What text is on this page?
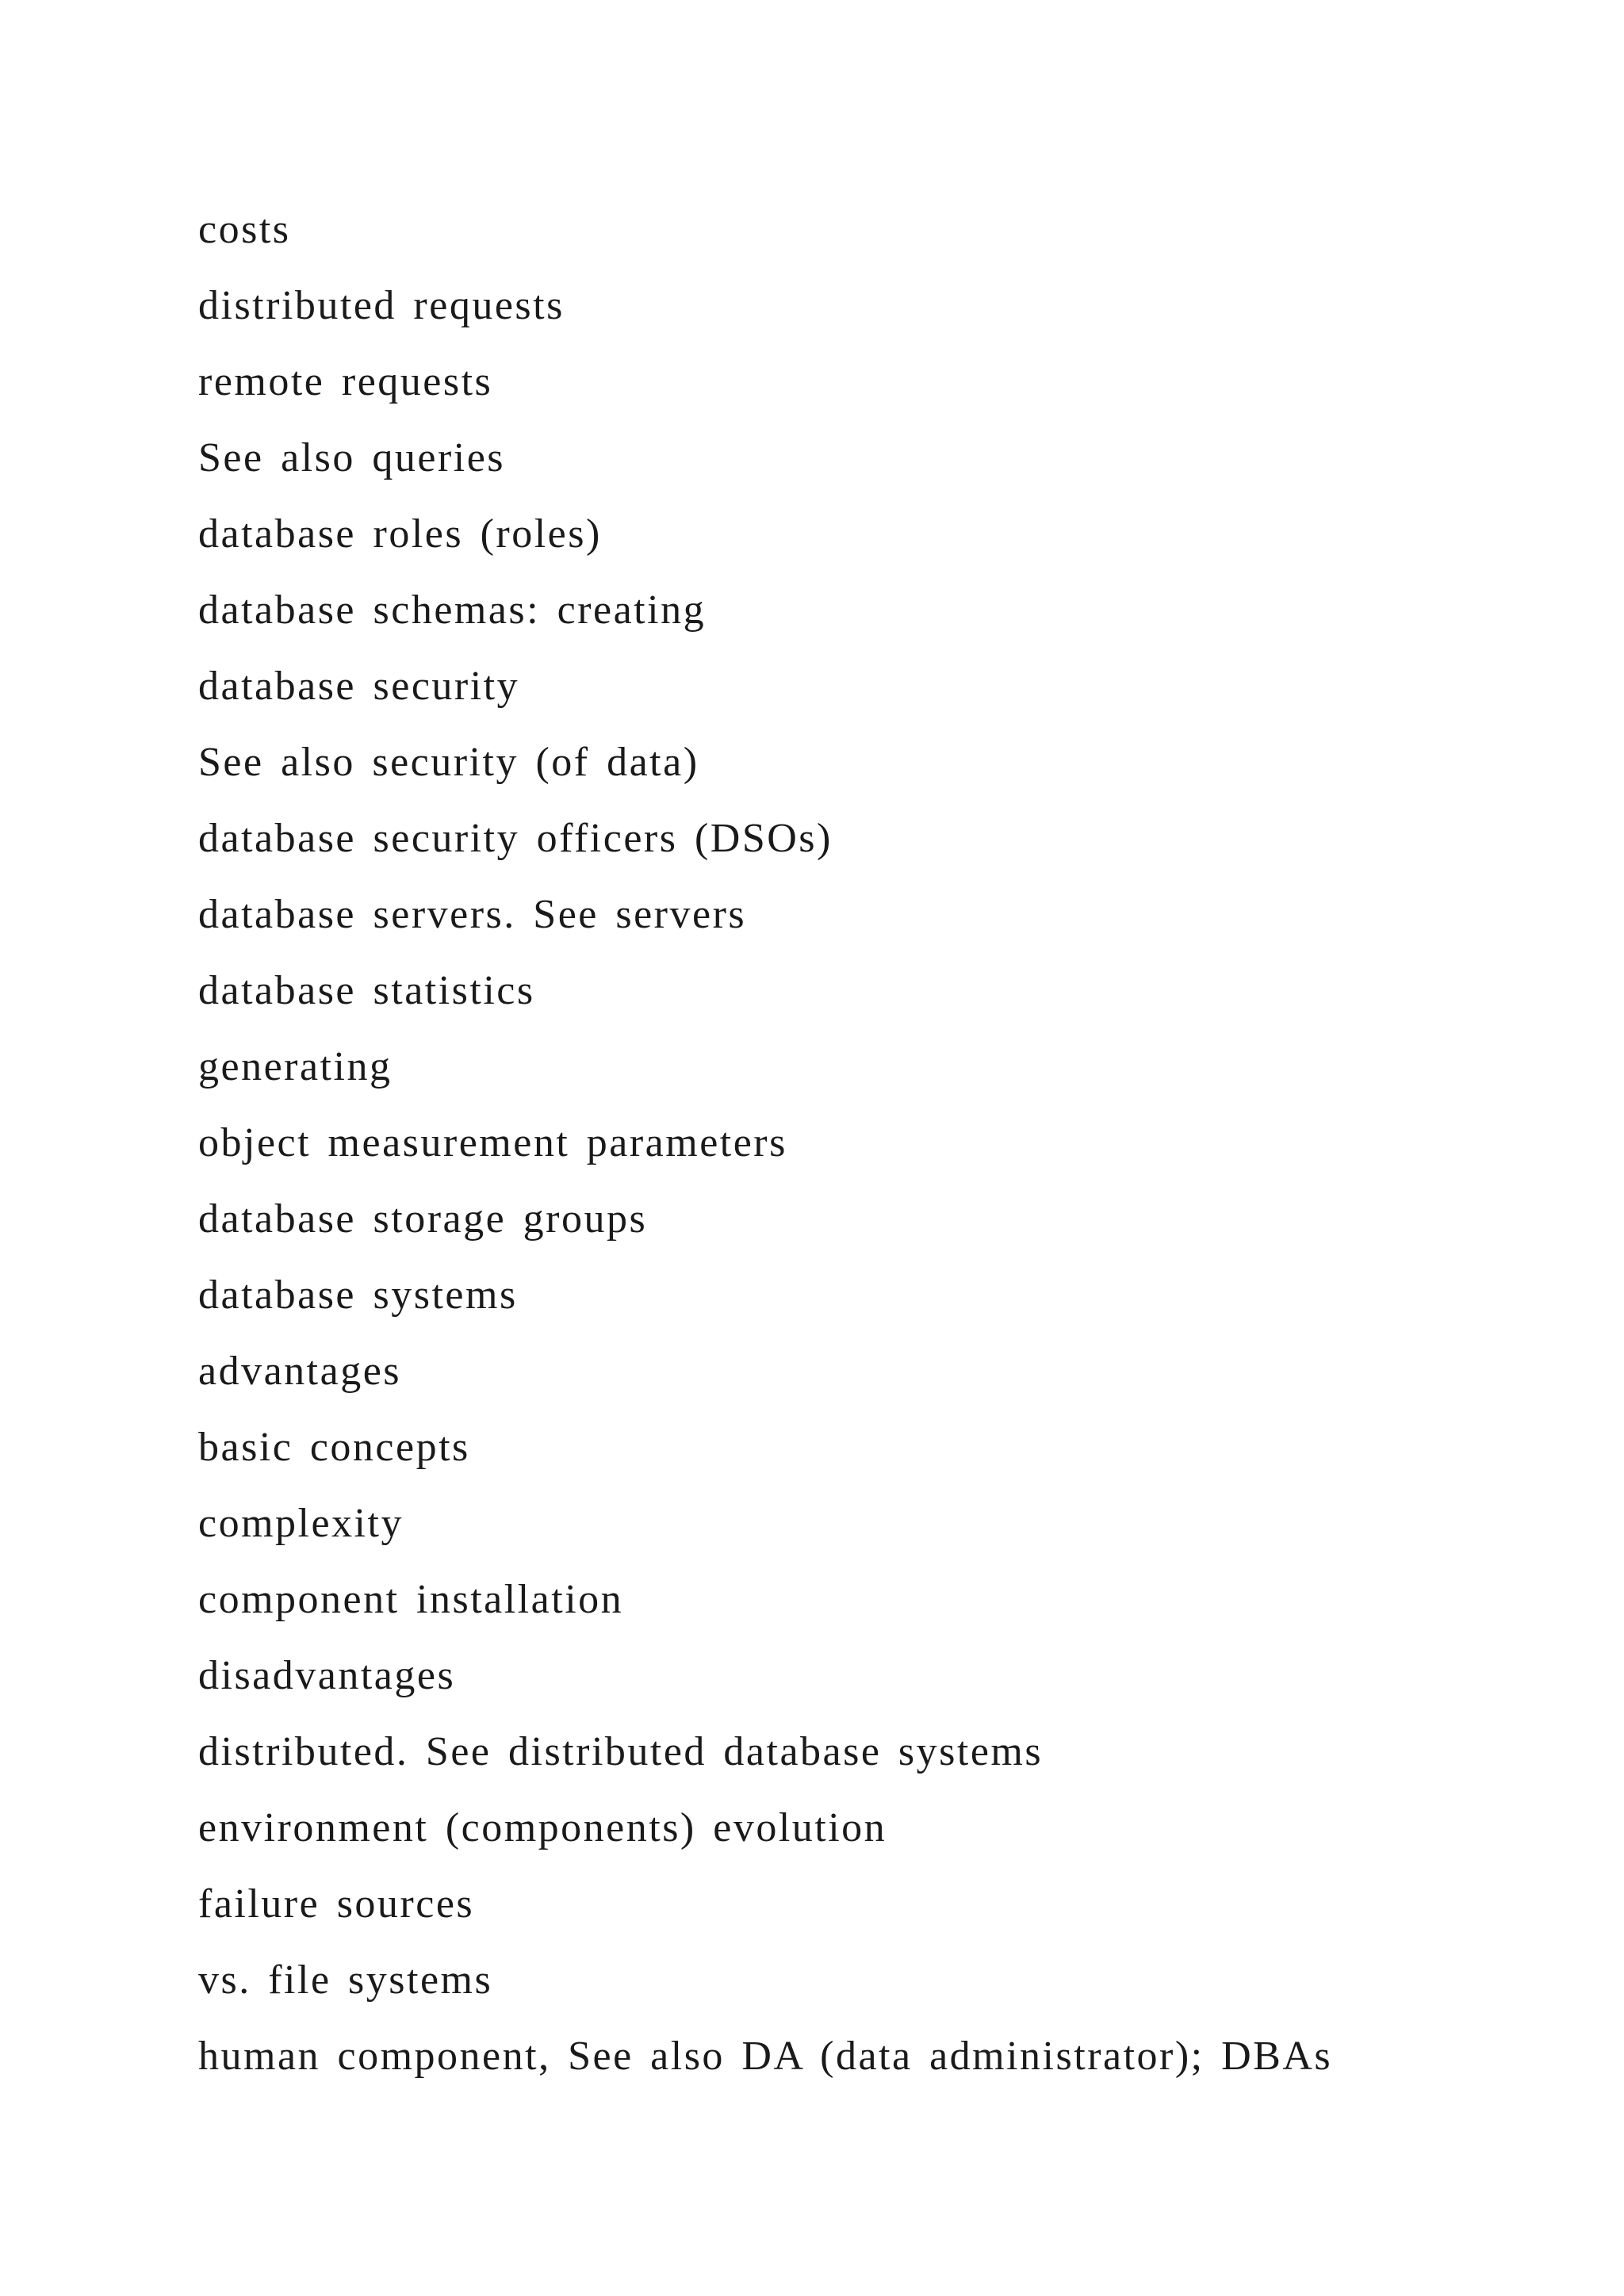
costs
distributed requests
remote requests
See also queries
database roles (roles)
database schemas: creating
database security
See also security (of data)
database security officers (DSOs)
database servers. See servers
database statistics
generating
object measurement parameters
database storage groups
database systems
advantages
basic concepts
complexity
component installation
disadvantages
distributed. See distributed database systems
environment (components) evolution
failure sources
vs. file systems
human component, See also DA (data administrator); DBAs
